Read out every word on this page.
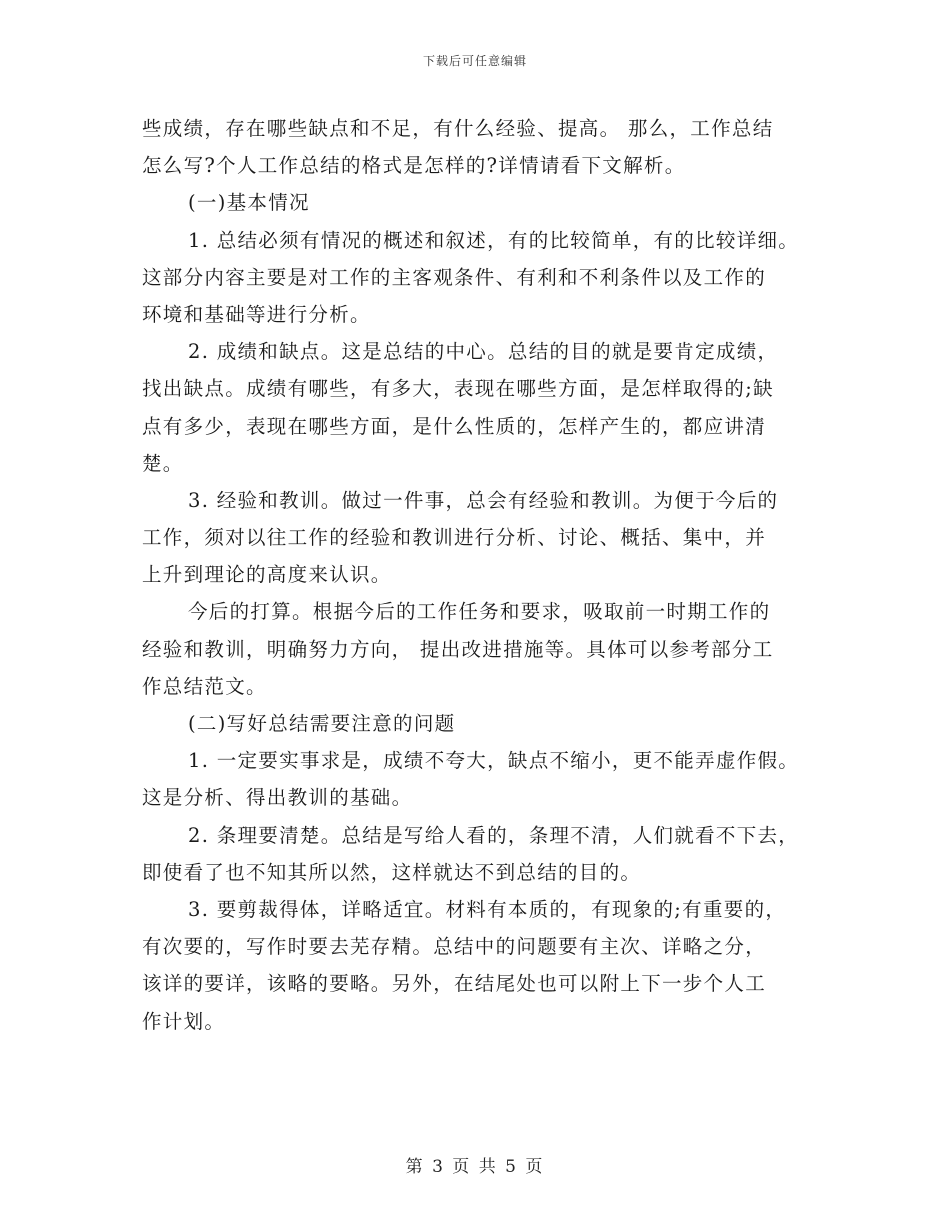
下载后可任意编辑
些成绩，存在哪些缺点和不足，有什么经验、提高。 那么，工作总结
怎么写?个人工作总结的格式是怎样的?详情请看下文解析。
(一)基本情况
1. 总结必须有情况的概述和叙述，有的比较简单，有的比较详细。
这部分内容主要是对工作的主客观条件、有利和不利条件以及工作的
环境和基础等进行分析。
2. 成绩和缺点。这是总结的中心。总结的目的就是要肯定成绩，
找出缺点。成绩有哪些，有多大，表现在哪些方面，是怎样取得的;缺
点有多少，表现在哪些方面，是什么性质的，怎样产生的，都应讲清
楚。
3. 经验和教训。做过一件事，总会有经验和教训。为便于今后的
工作，须对以往工作的经验和教训进行分析、讨论、概括、集中，并
上升到理论的高度来认识。
今后的打算。根据今后的工作任务和要求，吸取前一时期工作的
经验和教训，明确努力方向， 提出改进措施等。具体可以参考部分工
作总结范文。
(二)写好总结需要注意的问题
1. 一定要实事求是，成绩不夸大，缺点不缩小，更不能弄虚作假。
这是分析、得出教训的基础。
2. 条理要清楚。总结是写给人看的，条理不清，人们就看不下去，
即使看了也不知其所以然，这样就达不到总结的目的。
3. 要剪裁得体，详略适宜。材料有本质的，有现象的;有重要的，
有次要的，写作时要去芜存精。总结中的问题要有主次、详略之分，
该详的要详，该略的要略。另外，在结尾处也可以附上下一步个人工
作计划。
第 3 页 共 5 页
